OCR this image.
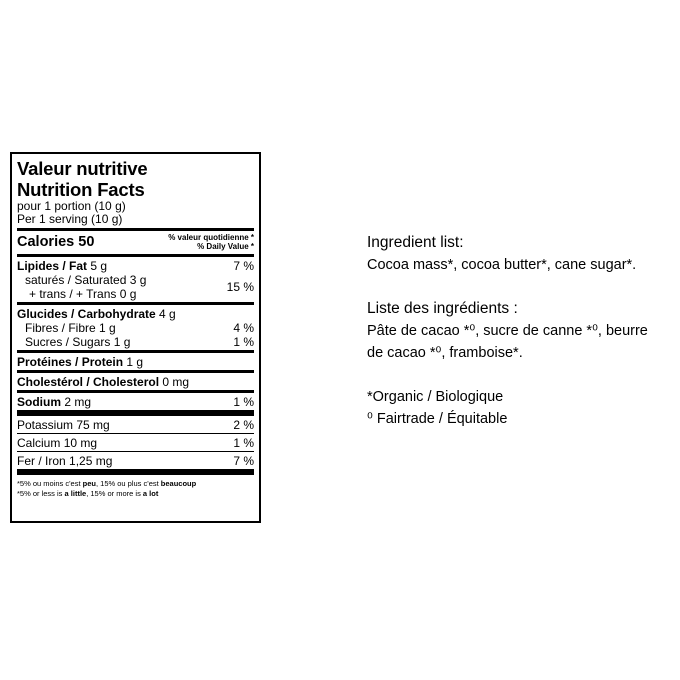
Valeur nutritive
Nutrition Facts
pour 1 portion (10 g)
Per 1 serving (10 g)
Calories 50	% valeur quotidienne *
% Daily Value *
Lipides / Fat 5 g	7 %
saturés / Saturated 3 g
+ trans / + Trans 0 g	15 %
Glucides / Carbohydrate 4 g
Fibres / Fibre 1 g	4 %
Sucres / Sugars 1 g	1 %
Protéines / Protein 1 g
Cholestérol / Cholesterol 0 mg
Sodium 2 mg	1 %
Potassium 75 mg	2 %
Calcium 10 mg	1 %
Fer / Iron 1,25 mg	7 %
*5% ou moins c'est peu, 15% ou plus c'est beaucoup
*5% or less is a little, 15% or more is a lot

Ingredient list:

Cocoa mass*, cocoa butter*, cane sugar*.

Liste des ingrédients :

Pâte de cacao *⁰, sucre de canne *⁰, beurre de cacao *⁰, framboise*.

*Organic / Biologique

⁰ Fairtrade / Équitable
